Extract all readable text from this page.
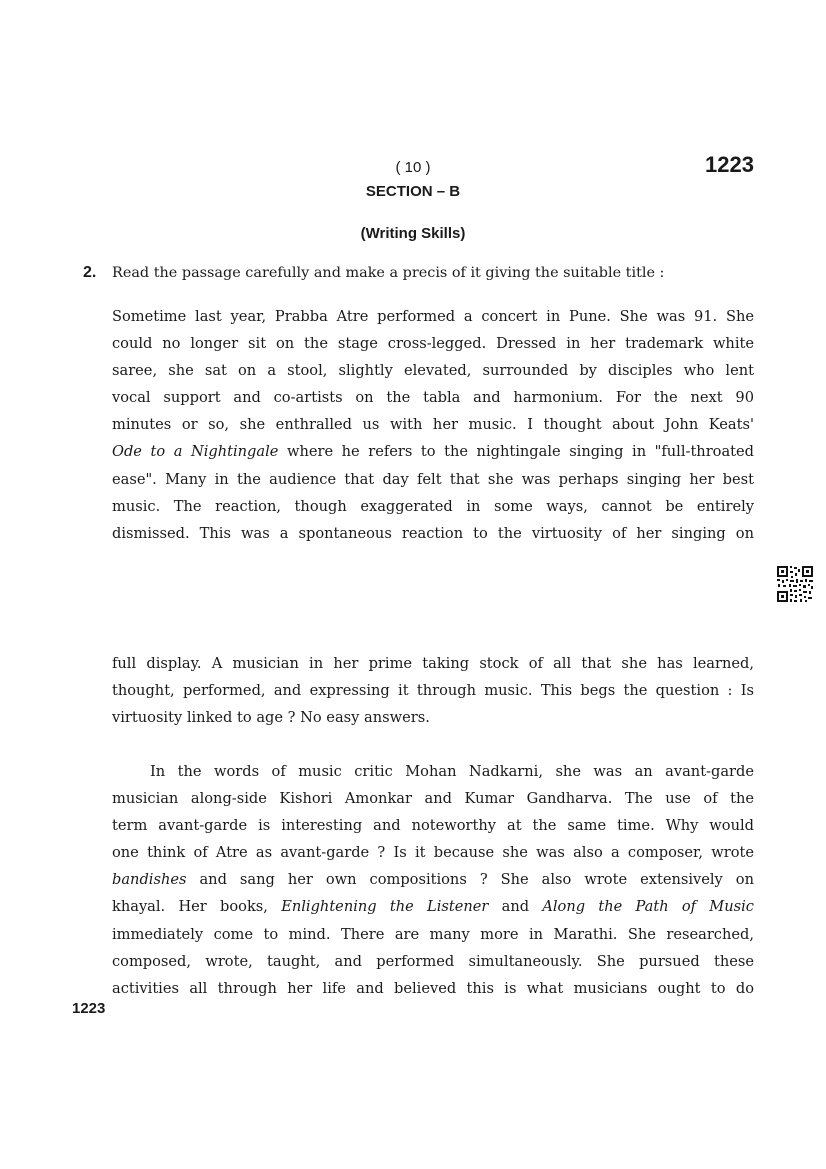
( 10 )	1223
SECTION – B
(Writing Skills)
2. Read the passage carefully and make a precis of it giving the suitable title :
Sometime last year, Prabba Atre performed a concert in Pune. She was 91. She
could no longer sit on the stage cross-legged. Dressed in her trademark white
saree, she sat on a stool, slightly elevated, surrounded by disciples who lent
vocal support and co-artists on the tabla and harmonium. For the next 90
minutes or so, she enthralled us with her music. I thought about John Keats'
Ode to a Nightingale where he refers to the nightingale singing in "full-throated
ease". Many in the audience that day felt that she was perhaps singing her best
music. The reaction, though exaggerated in some ways, cannot be entirely
dismissed. This was a spontaneous reaction to the virtuosity of her singing on
full display. A musician in her prime taking stock of all that she has learned,
thought, performed, and expressing it through music. This begs the question : Is
virtuosity linked to age ? No easy answers.
In the words of music critic Mohan Nadkarni, she was an avant-garde
musician along-side Kishori Amonkar and Kumar Gandharva. The use of the
term avant-garde is interesting and noteworthy at the same time. Why would
one think of Atre as avant-garde ? Is it because she was also a composer, wrote
bandishes and sang her own compositions ? She also wrote extensively on
khayal. Her books, Enlightening the Listener and Along the Path of Music
immediately come to mind. There are many more in Marathi. She researched,
composed, wrote, taught, and performed simultaneously. She pursued these
activities all through her life and believed this is what musicians ought to do
1223
